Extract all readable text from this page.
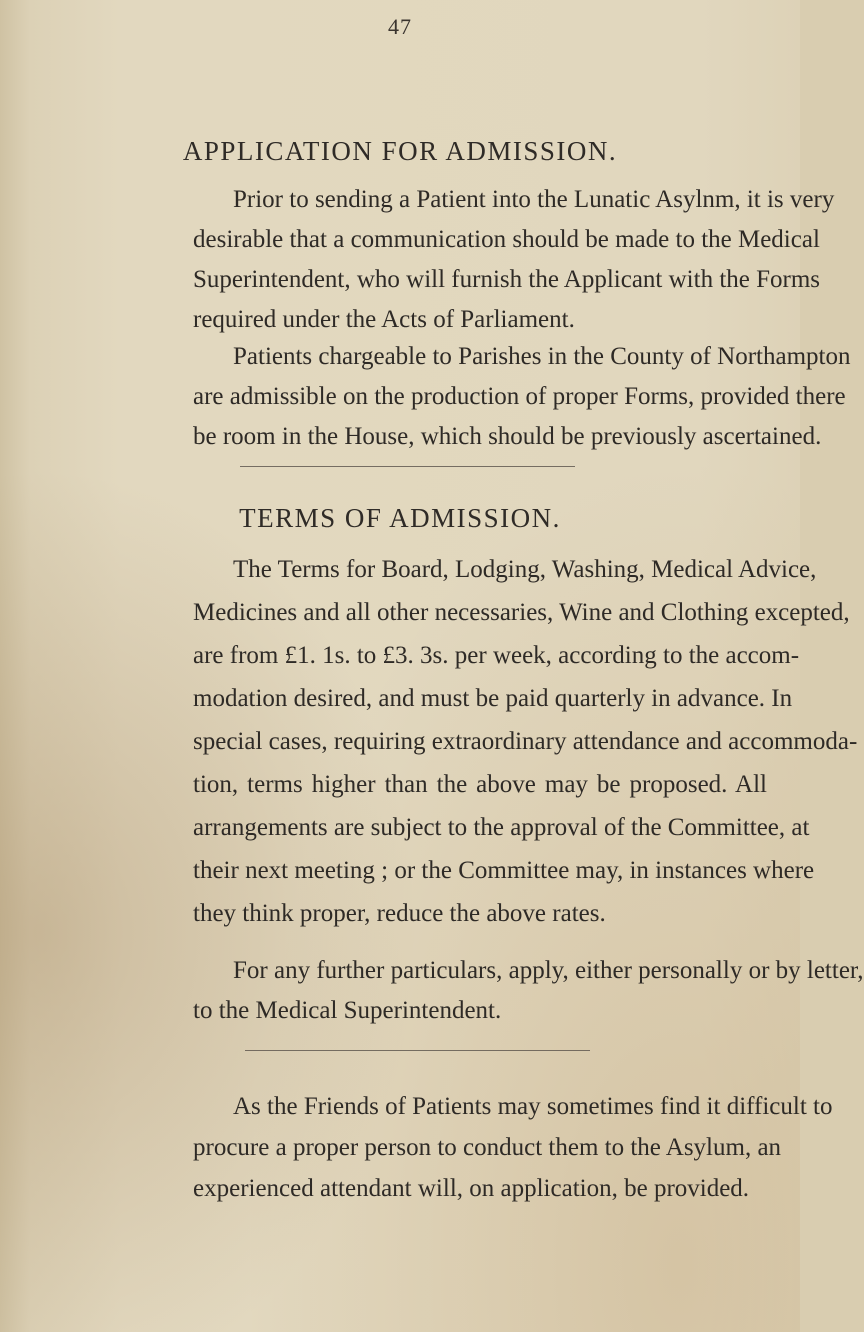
47
APPLICATION FOR ADMISSION.
Prior to sending a Patient into the Lunatic Asylnm, it is very
desirable that a communication should be made to the Medical
Superintendent, who will furnish the Applicant with the Forms
required under the Acts of Parliament.
Patients chargeable to Parishes in the County of Northampton
are admissible on the production of proper Forms, provided there
be room in the House, which should be previously ascertained.
TERMS OF ADMISSION.
The Terms for Board, Lodging, Washing, Medical Advice,
Medicines and all other necessaries, Wine and Clothing excepted,
are from £1. 1s. to £3. 3s. per week, according to the accom-
modation desired, and must be paid quarterly in advance. In
special cases, requiring extraordinary attendance and accommoda-
tion, terms higher than the above may be proposed. All
arrangements are subject to the approval of the Committee, at
their next meeting ; or the Committee may, in instances where
they think proper, reduce the above rates.
For any further particulars, apply, either personally or by letter,
to the Medical Superintendent.
As the Friends of Patients may sometimes find it difficult to
procure a proper person to conduct them to the Asylum, an
experienced attendant will, on application, be provided.
